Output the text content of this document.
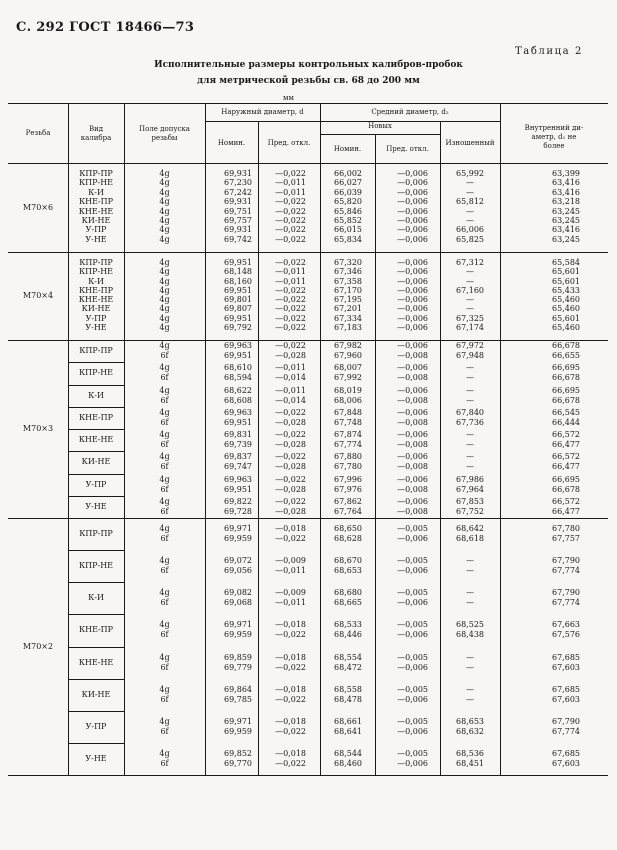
С. 292 ГОСТ 18466—73
Таблица 2
Исполнительные размеры контрольных калибров-пробок
для метрической резьбы св. 68 до 200 мм
мм
Резьба	Вид
калибра
Поле допуска
резьбы
Наружный диаметр, d
Номин.	Пред. откл.
Средний диаметр, d₂
Новых
Номин.	Пред. откл.
Изношенный
Внутренний ди-
аметр, d₁ не
более
М70×6
КПР-ПР	4g	69,931	—0,022	66,002	—0,006	65,992	63,399
КПР-НЕ	4g	67,230	—0,011	66,027	—0,006	—	63,416
К-И	4g	67,242	—0,011	66,039	—0,006	—	63,416
КНЕ-ПР	4g	69,931	—0,022	65,820	—0,006	65,812	63,218
КНЕ-НЕ	4g	69,751	—0,022	65,846	—0,006	—	63,245
КИ-НЕ	4g	69,757	—0,022	65,852	—0,006	—	63,245
У-ПР	4g	69,931	—0,022	66,015	—0,006	66,006	63,416
У-НЕ	4g	69,742	—0,022	65,834	—0,006	65,825	63,245
М70×4
КПР-ПР	4g	69,951	—0,022	67,320	—0,006	67,312	65,584
КПР-НЕ	4g	68,148	—0,011	67,346	—0,006	—	65,601
К-И	4g	68,160	—0,011	67,358	—0,006	—	65,601
КНЕ-ПР	4g	69,951	—0,022	67,170	—0,006	67,160	65,433
КНЕ-НЕ	4g	69,801	—0,022	67,195	—0,006	—	65,460
КИ-НЕ	4g	69,807	—0,022	67,201	—0,006	—	65,460
У-ПР	4g	69,951	—0,022	67,334	—0,006	67,325	65,601
У-НЕ	4g	69,792	—0,022	67,183	—0,006	67,174	65,460
М70×3
КПР-ПР
4g	69,963	—0,022	67,982	—0,006	67,972	66,678
6f	69,951	—0,028	67,960	—0,008	67,948	66,655
КПР-НЕ
4g	68,610	—0,011	68,007	—0,006	—	66,695
6f	68,594	—0,014	67,992	—0,008	—	66,678
К-И
4g	68,622	—0,011	68,019	—0,006	—	66,695
6f	68,608	—0,014	68,006	—0,008	—	66,678
КНЕ-ПР
4g	69,963	—0,022	67,848	—0,006	67,840	66,545
6f	69,951	—0,028	67,748	—0,008	67,736	66,444
КНЕ-НЕ
4g	69,831	—0,022	67,874	—0,006	—	66,572
6f	69,739	—0,028	67,774	—0,008	—	66,477
КИ-НЕ
4g	69,837	—0,022	67,880	—0,006	—	66,572
6f	69,747	—0,028	67,780	—0,008	—	66,477
У-ПР
4g	69,963	—0,022	67,996	—0,006	67,986	66,695
6f	69,951	—0,028	67,976	—0,008	67,964	66,678
У-НЕ
4g	69,822	—0,022	67,862	—0,006	67,853	66,572
6f	69,728	—0,028	67,764	—0,008	67,752	66,477
М70×2
КПР-ПР
4g	69,971	—0,018	68,650	—0,005	68,642	67,780
6f	69,959	—0,022	68,628	—0,006	68,618	67,757
КПР-НЕ
4g	69,072	—0,009	68,670	—0,005	—	67,790
6f	69,056	—0,011	68,653	—0,006	—	67,774
К-И
4g	69,082	—0,009	68,680	—0,005	—	67,790
6f	69,068	—0,011	68,665	—0,006	—	67,774
КНЕ-ПР
4g	69,971	—0,018	68,533	—0,005	68,525	67,663
6f	69,959	—0,022	68,446	—0,006	68,438	67,576
КНЕ-НЕ
4g	69,859	—0,018	68,554	—0,005	—	67,685
6f	69,779	—0,022	68,472	—0,006	—	67,603
КИ-НЕ
4g	69,864	—0,018	68,558	—0,005	—	67,685
6f	69,785	—0,022	68,478	—0,006	—	67,603
У-ПР
4g	69,971	—0,018	68,661	—0,005	68,653	67,790
6f	69,959	—0,022	68,641	—0,006	68,632	67,774
У-НЕ
4g	69,852	—0,018	68,544	—0,005	68,536	67,685
6f	69,770	—0,022	68,460	—0,006	68,451	67,603
